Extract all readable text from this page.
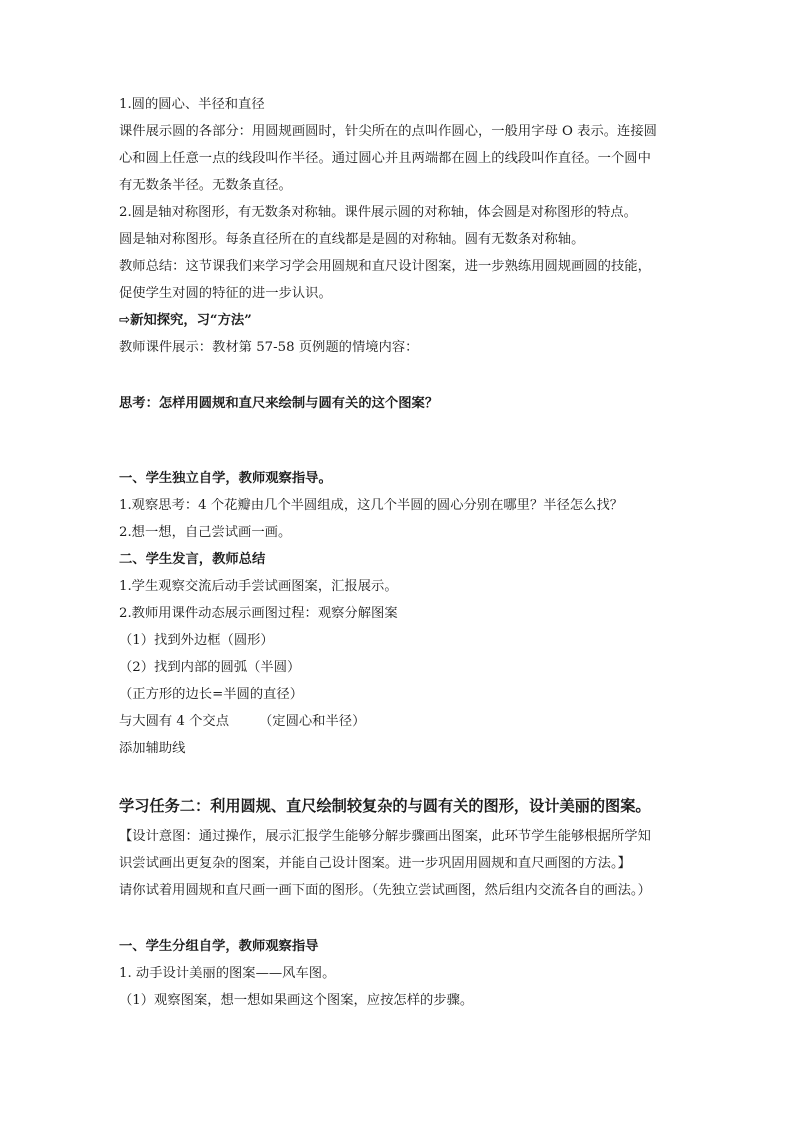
1.圆的圆心、半径和直径
课件展示圆的各部分：用圆规画圆时，针尖所在的点叫作圆心，一般用字母 O 表示。连接圆
心和圆上任意一点的线段叫作半径。通过圆心并且两端都在圆上的线段叫作直径。一个圆中
有无数条半径。无数条直径。
2.圆是轴对称图形，有无数条对称轴。课件展示圆的对称轴，体会圆是对称图形的特点。
圆是轴对称图形。每条直径所在的直线都是是圆的对称轴。圆有无数条对称轴。
教师总结：这节课我们来学习学会用圆规和直尺设计图案，进一步熟练用圆规画圆的技能，
促使学生对圆的特征的进一步认识。
⇨新知探究，习“方法”
教师课件展示：教材第 57-58 页例题的情境内容：
思考：怎样用圆规和直尺来绘制与圆有关的这个图案？
一、学生独立自学，教师观察指导。
1.观察思考：4 个花瓣由几个半圆组成，这几个半圆的圆心分别在哪里？半径怎么找？
2.想一想，自己尝试画一画。
二、学生发言，教师总结
1.学生观察交流后动手尝试画图案，汇报展示。
2.教师用课件动态展示画图过程：观察分解图案
（1）找到外边框（圆形）
（2）找到内部的圆弧（半圆）
（正方形的边长=半圆的直径）
与大圆有 4 个交点 （定圆心和半径）
添加辅助线
学习任务二：利用圆规、直尺绘制较复杂的与圆有关的图形，设计美丽的图案。
【设计意图：通过操作，展示汇报学生能够分解步骤画出图案，此环节学生能够根据所学知
识尝试画出更复杂的图案，并能自己设计图案。进一步巩固用圆规和直尺画图的方法。】
请你试着用圆规和直尺画一画下面的图形。（先独立尝试画图，然后组内交流各自的画法。）
一、学生分组自学，教师观察指导
1. 动手设计美丽的图案——风车图。
（1）观察图案，想一想如果画这个图案，应按怎样的步骤。
